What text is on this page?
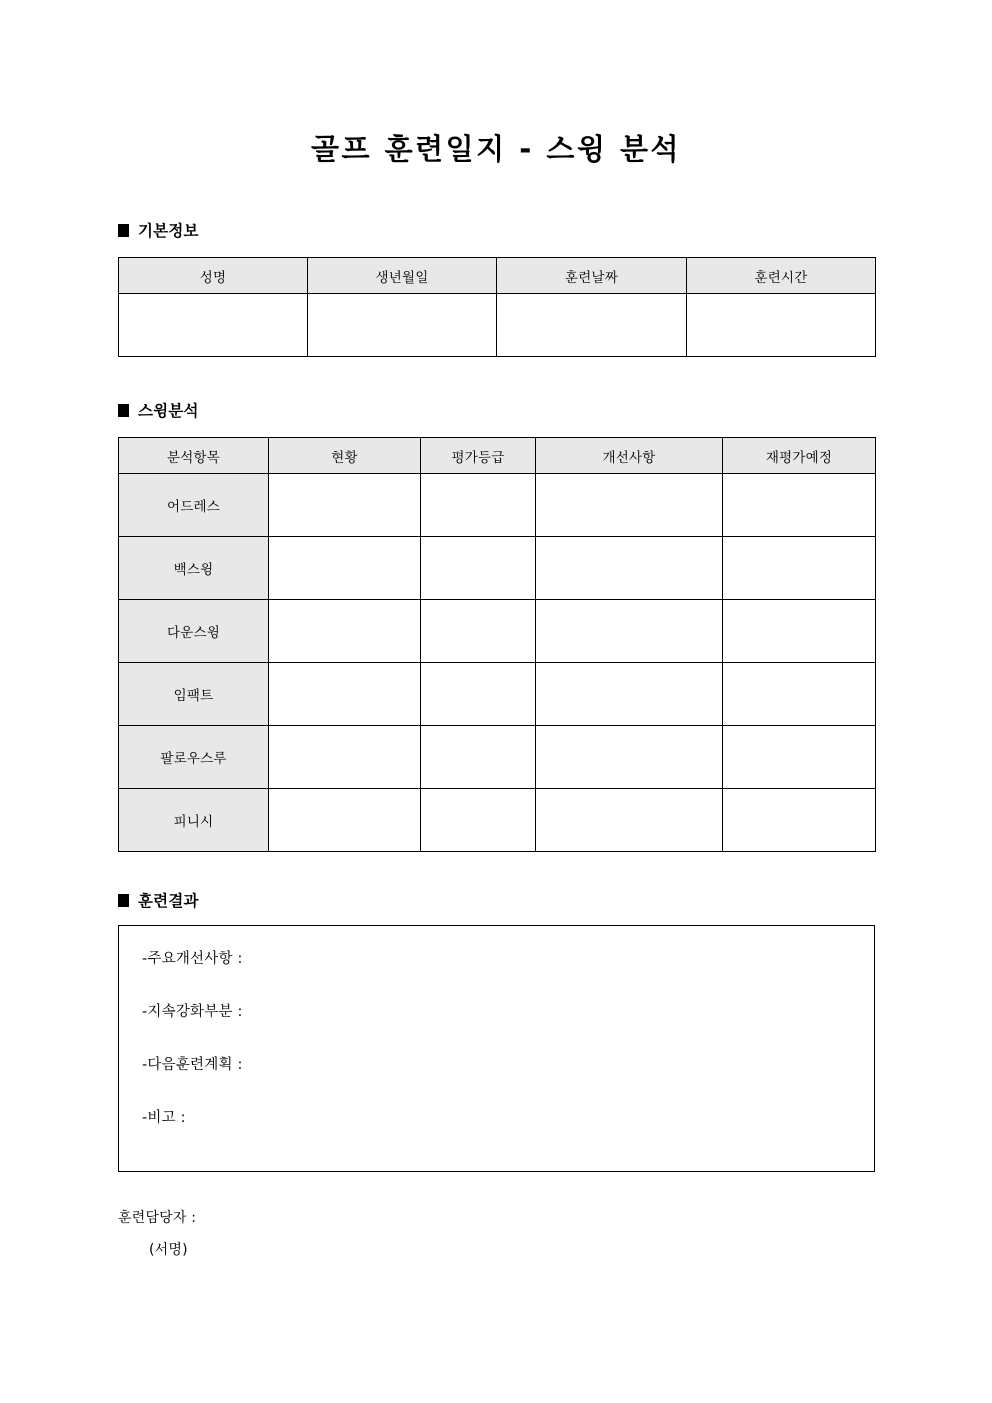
골프 훈련일지 - 스윙 분석
기본정보
성명	생년월일	훈련날짜	훈련시간

스윙분석
분석항목	현황	평가등급	개선사항	재평가예정
어드레스				
백스윙				
다운스윙				
임팩트				
팔로우스루				
피니시				
훈련결과
-주요개선사항 :
-지속강화부분 :
-다음훈련계획 :
-비고 :
훈련담당자 :
(서명)
